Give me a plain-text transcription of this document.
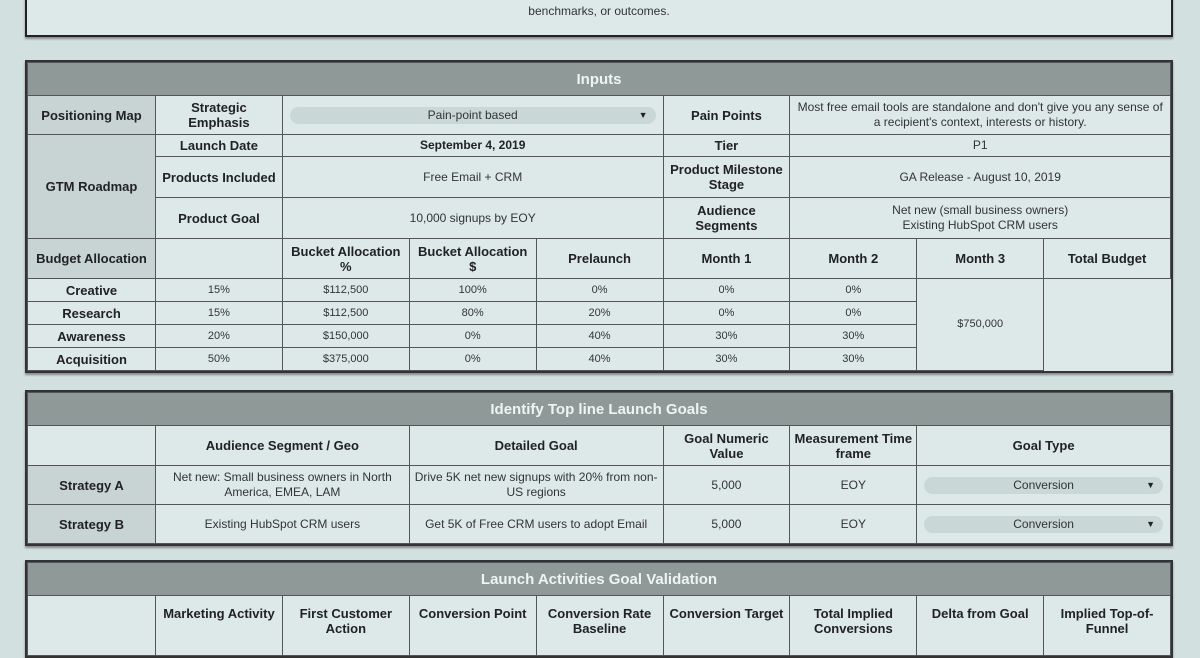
benchmarks, or outcomes.
Inputs								
Positioning Map	Strategic Emphasis	Pain-point based ▼			Pain Points	Most free email tools are standalone and don't give you any sense of a recipient's context, interests or history.		
GTM Roadmap	Launch Date	September 4, 2019			Tier	P1		
	Products Included	Free Email + CRM			Product Milestone Stage	GA Release - August 10, 2019		
	Product Goal	10,000 signups by EOY			Audience Segments	Net new (small business owners)
Existing HubSpot CRM users		

Budget Allocation		Bucket Allocation %	Bucket Allocation $	Prelaunch	Month 1	Month 2	Month 3	Total Budget
Creative	15%	$112,500	100%	0%	0%	0%	$750,000	
Research	15%	$112,500	80%	20%	0%	0%		
Awareness	20%	$150,000	0%	40%	30%	30%		
Acquisition	50%	$375,000	0%	40%	30%	30%		
Identify Top line Launch Goals					
	Audience Segment / Geo	Detailed Goal	Goal Numeric Value	Measurement Time frame	Goal Type
Strategy A	Net new: Small business owners in North America, EMEA, LAM	Drive 5K net new signups with 20% from non-US regions	5,000	EOY	Conversion ▼

Strategy B	Existing HubSpot CRM users	Get 5K of Free CRM users to adopt Email	5,000	EOY	Conversion ▼
Launch Activities Goal Validation
	Marketing Activity	First Customer Action	Conversion Point	Conversion Rate Baseline	Conversion Target	Total Implied Conversions	Delta from Goal	Implied Top-of-Funnel
